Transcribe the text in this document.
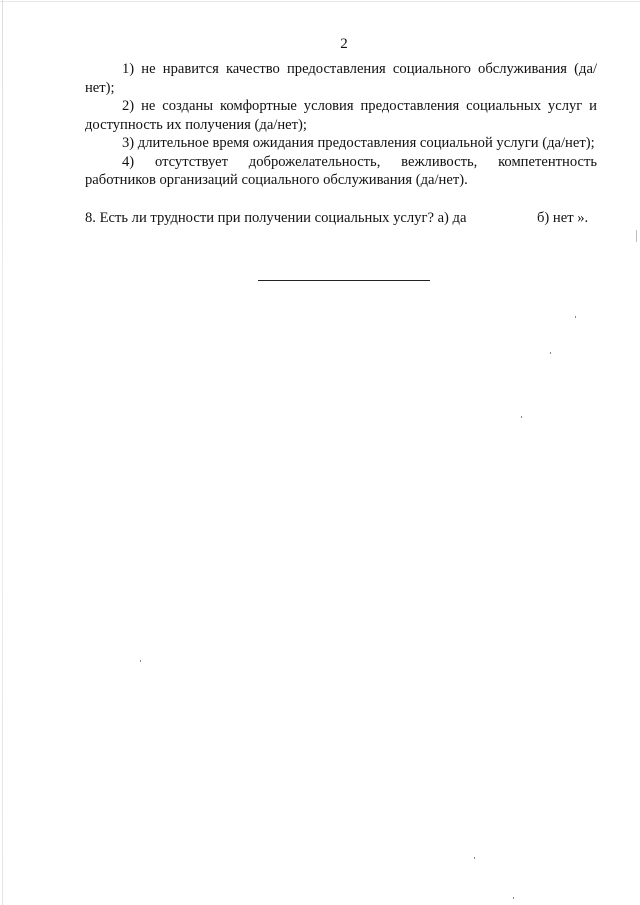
2

1) не нравится качество предоставления социального обслуживания (да/нет);

2) не созданы комфортные условия предоставления социальных услуг и доступность их получения (да/нет);

3) длительное время ожидания предоставления социальной услуги (да/нет);

4) отсутствует доброжелательность, вежливость, компетентность работников организаций социального обслуживания (да/нет).

8. Есть ли трудности при получении социальных услуг? а) да	б) нет ».
